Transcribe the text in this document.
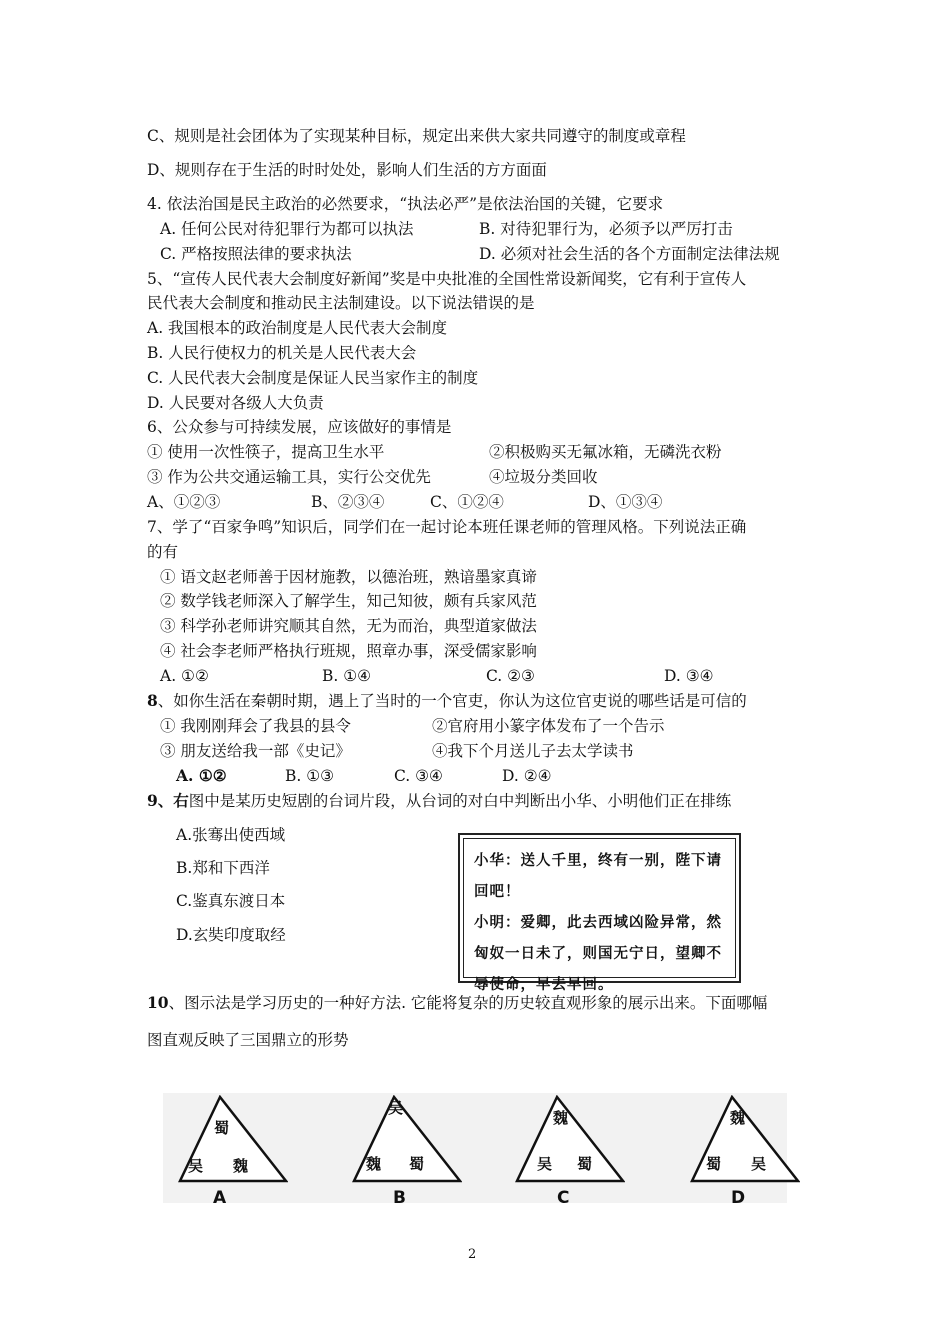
C、规则是社会团体为了实现某种目标，规定出来供大家共同遵守的制度或章程
D、规则存在于生活的时时处处，影响人们生活的方方面面
4. 依法治国是民主政治的必然要求，“执法必严”是依法治国的关键，它要求
A. 任何公民对待犯罪行为都可以执法	B. 对待犯罪行为，必须予以严厉打击
C. 严格按照法律的要求执法	D. 必须对社会生活的各个方面制定法律法规
5、“宣传人民代表大会制度好新闻”奖是中央批准的全国性常设新闻奖，它有利于宣传人
民代表大会制度和推动民主法制建设。以下说法错误的是
A. 我国根本的政治制度是人民代表大会制度
B. 人民行使权力的机关是人民代表大会
C. 人民代表大会制度是保证人民当家作主的制度
D. 人民要对各级人大负责
6、公众参与可持续发展，应该做好的事情是
① 使用一次性筷子，提高卫生水平	②积极购买无氟冰箱，无磷洗衣粉
③ 作为公共交通运输工具，实行公交优先	④垃圾分类回收
A、①②③	B、②③④	C、①②④	D、①③④
7、学了“百家争鸣”知识后，同学们在一起讨论本班任课老师的管理风格。下列说法正确
的有
① 语文赵老师善于因材施教，以德治班，熟谙墨家真谛
② 数学钱老师深入了解学生，知己知彼，颇有兵家风范
③ 科学孙老师讲究顺其自然，无为而治，典型道家做法
④ 社会李老师严格执行班规，照章办事，深受儒家影响
A. ①②	B. ①④	C. ②③	D. ③④
8、如你生活在秦朝时期，遇上了当时的一个官吏，你认为这位官吏说的哪些话是可信的
① 我刚刚拜会了我县的县令	②官府用小篆字体发布了一个告示
③ 朋友送给我一部《史记》	④我下个月送儿子去太学读书
A. ①②	B. ①③	C. ③④	D. ②④
9、右图中是某历史短剧的台词片段，从台词的对白中判断出小华、小明他们正在排练
A.张骞出使西域
B.郑和下西洋
C.鉴真东渡日本
D.玄奘印度取经
小华：送人千里，终有一别，陛下请回吧！
小明：爱卿，此去西域凶险异常，然匈奴一日未了，则国无宁日，望卿不辱使命，早去早回。
10、图示法是学习历史的一种好方法. 它能将复杂的历史较直观形象的展示出来。下面哪幅
图直观反映了三国鼎立的形势
蜀
吴 魏
A
吴
魏 蜀
B
魏
吴 蜀
C
魏
蜀 吴
D
2
